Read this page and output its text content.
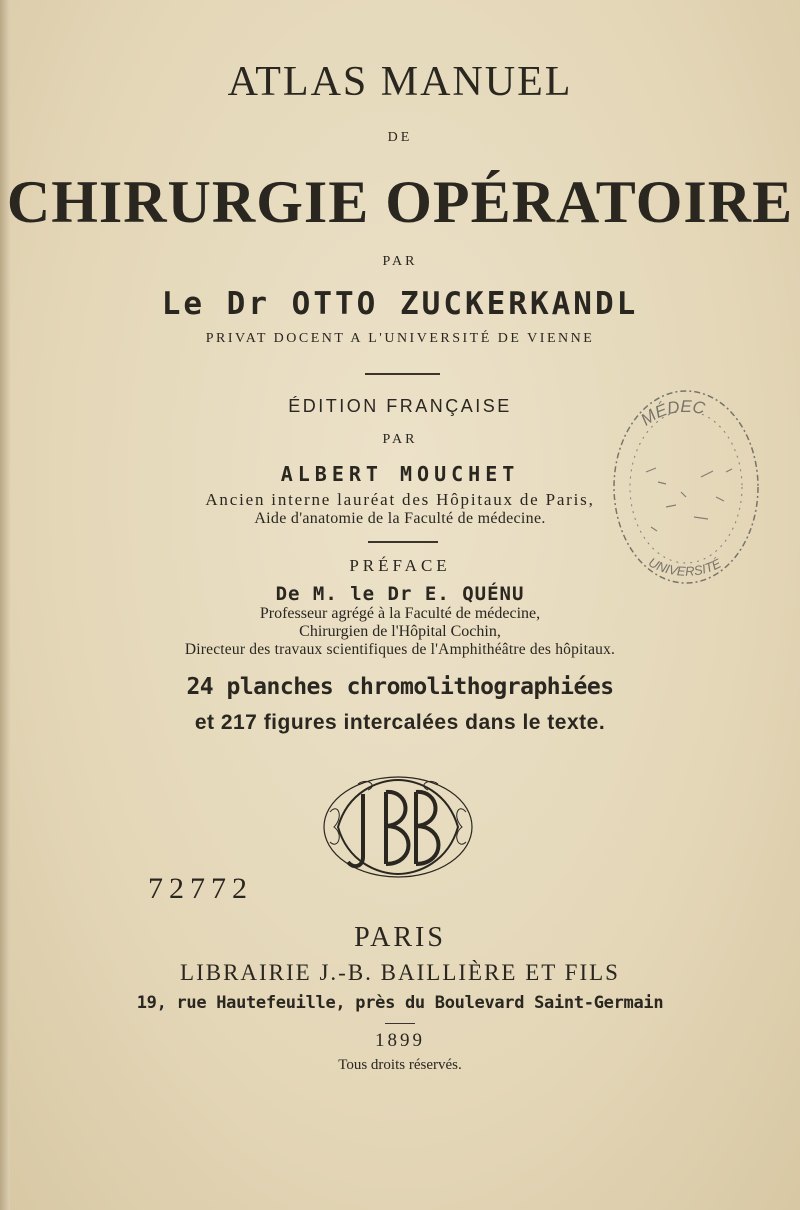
ATLAS MANUEL
DE
CHIRURGIE OPÉRATOIRE
PAR
Le Dr OTTO ZUCKERKANDL
PRIVAT DOCENT A L'UNIVERSITÉ DE VIENNE
ÉDITION FRANÇAISE
PAR
ALBERT MOUCHET
Ancien interne lauréat des Hôpitaux de Paris,
Aide d'anatomie de la Faculté de médecine.
PRÉFACE
De M. le Dr E. QUÉNU
Professeur agrégé à la Faculté de médecine,
Chirurgien de l'Hôpital Cochin,
Directeur des travaux scientifiques de l'Amphithéâtre des hôpitaux.
24 planches chromolithographiées
et 217 figures intercalées dans le texte.
72772
PARIS
LIBRAIRIE J.-B. BAILLIÈRE ET FILS
19, rue Hautefeuille, près du Boulevard Saint-Germain
1899
Tous droits réservés.
MÉDEC
UNIVERSITÉ
